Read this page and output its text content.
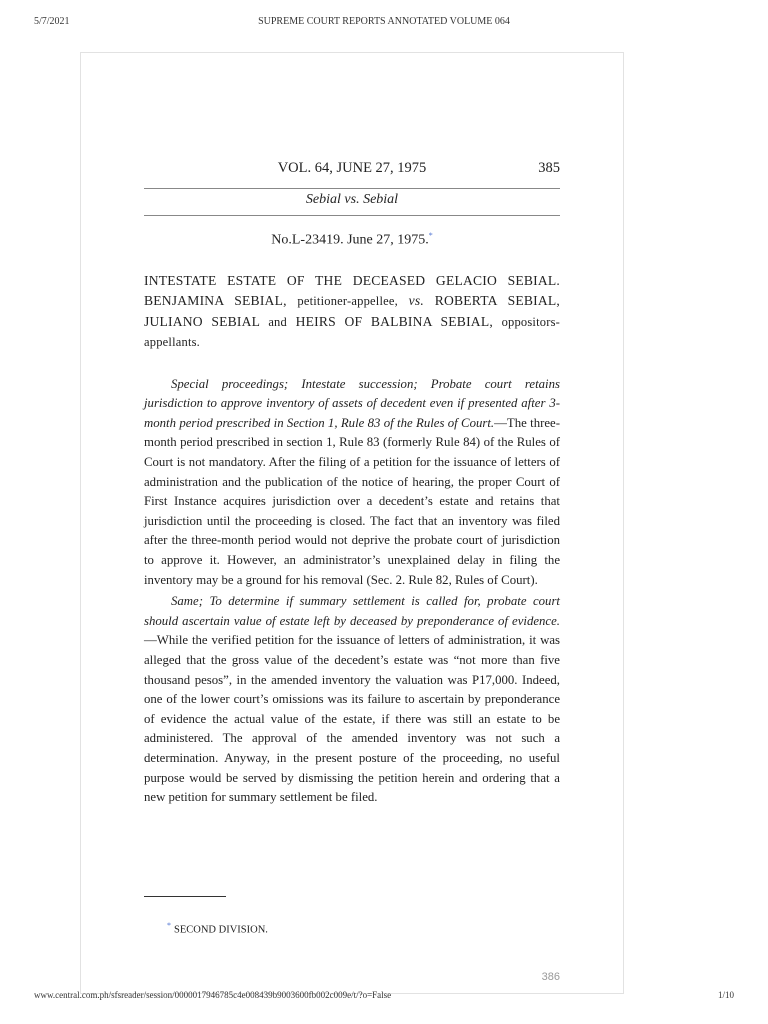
5/7/2021	SUPREME COURT REPORTS ANNOTATED VOLUME 064
VOL. 64, JUNE 27, 1975	385
Sebial vs. Sebial
No.L-23419. June 27, 1975.*
INTESTATE ESTATE OF THE DECEASED GELACIO SEBIAL. BENJAMINA SEBIAL, petitioner-appellee, vs. ROBERTA SEBIAL, JULIANO SEBIAL and HEIRS OF BALBINA SEBIAL, oppositors-appellants.

Special proceedings; Intestate succession; Probate court retains jurisdiction to approve inventory of assets of decedent even if presented after 3-month period prescribed in Section 1, Rule 83 of the Rules of Court.—The three-month period prescribed in section 1, Rule 83 (formerly Rule 84) of the Rules of Court is not mandatory. After the filing of a petition for the issuance of letters of administration and the publication of the notice of hearing, the proper Court of First Instance acquires jurisdiction over a decedent’s estate and retains that jurisdiction until the proceeding is closed. The fact that an inventory was filed after the three-month period would not deprive the probate court of jurisdiction to approve it. However, an administrator’s unexplained delay in filing the inventory may be a ground for his removal (Sec. 2. Rule 82, Rules of Court).

Same; To determine if summary settlement is called for, probate court should ascertain value of estate left by deceased by preponderance of evidence.—While the verified petition for the issuance of letters of administration, it was alleged that the gross value of the decedent’s estate was “not more than five thousand pesos”, in the amended inventory the valuation was P17,000. Indeed, one of the lower court’s omissions was its failure to ascertain by preponderance of evidence the actual value of the estate, if there was still an estate to be administered. The approval of the amended inventory was not such a determination. Anyway, in the present posture of the proceeding, no useful purpose would be served by dismissing the petition herein and ordering that a new petition for summary settlement be filed.

* SECOND DIVISION.
386
www.central.com.ph/sfsreader/session/0000017946785c4e008439b9003600fb002c009e/t/?o=False	1/10
